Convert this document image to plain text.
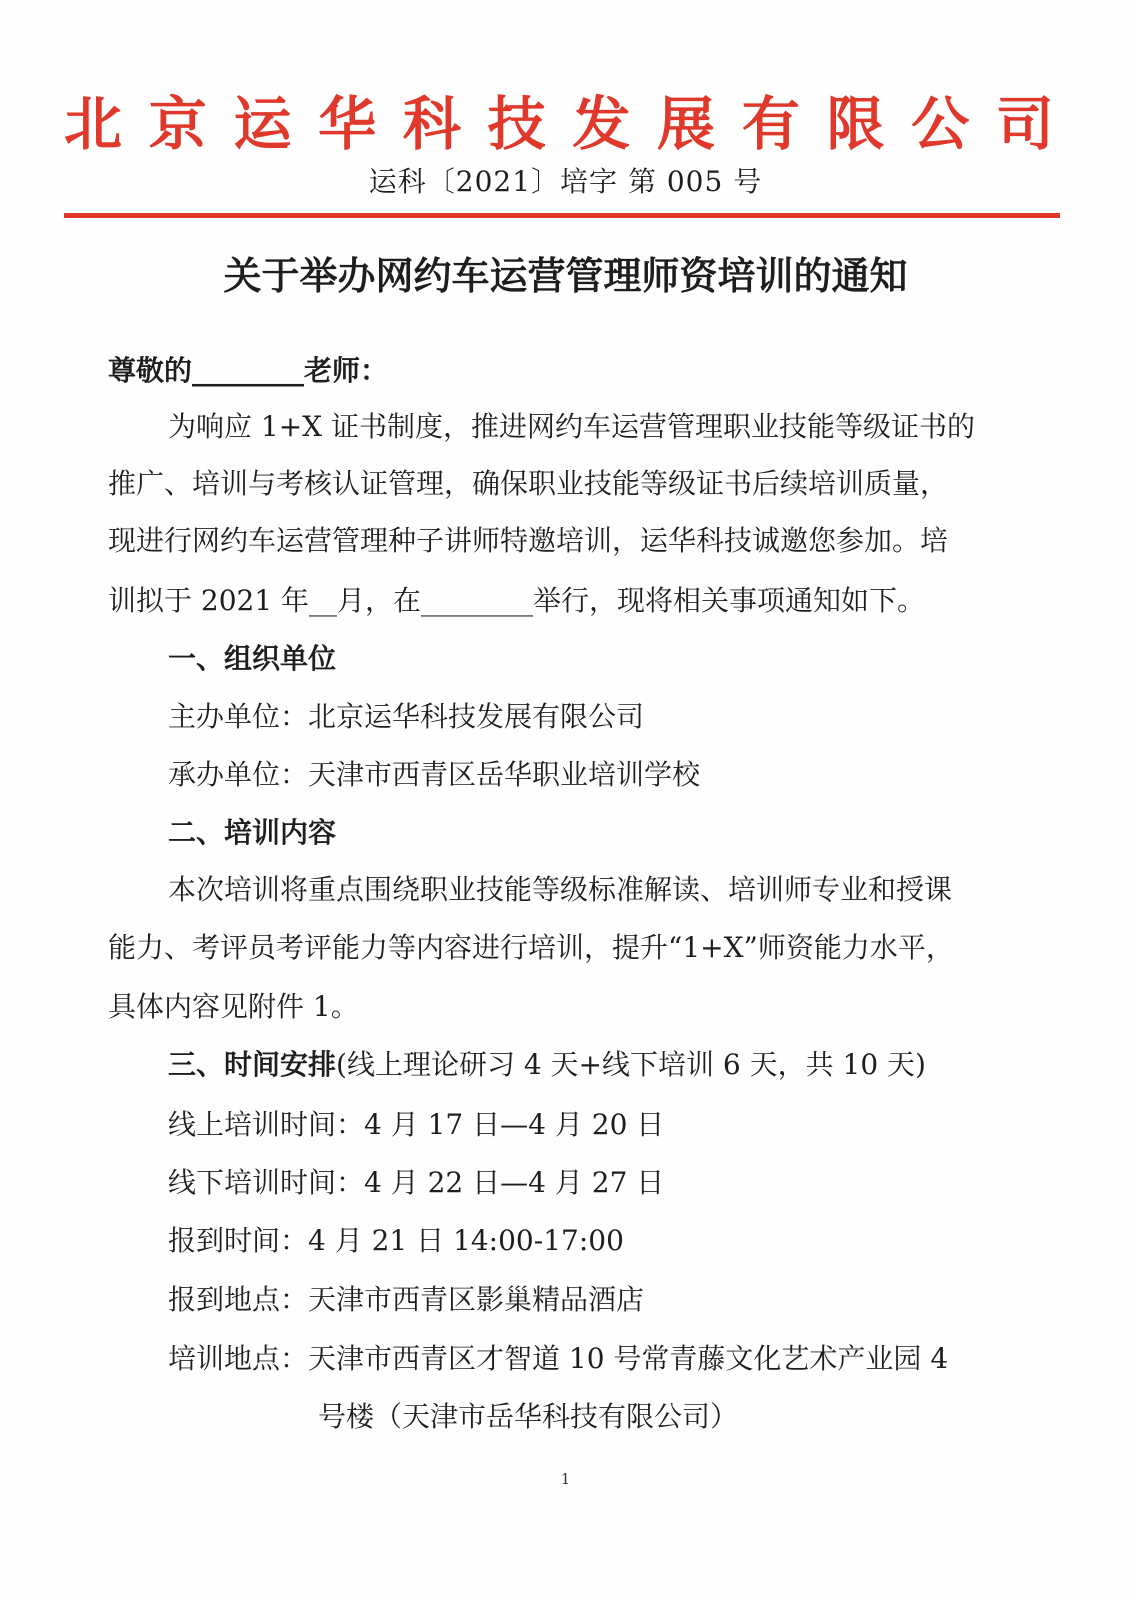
北 京 运 华 科 技 发 展 有 限 公 司
运科〔2021〕培字 第 005 号
关于举办网约车运营管理师资培训的通知
尊敬的________老师：
为响应 1+X 证书制度，推进网约车运营管理职业技能等级证书的
推广、培训与考核认证管理，确保职业技能等级证书后续培训质量，
现进行网约车运营管理种子讲师特邀培训，运华科技诚邀您参加。培
训拟于 2021 年__月，在________举行，现将相关事项通知如下。
一、组织单位
主办单位：北京运华科技发展有限公司
承办单位：天津市西青区岳华职业培训学校
二、培训内容
本次培训将重点围绕职业技能等级标准解读、培训师专业和授课
能力、考评员考评能力等内容进行培训，提升“1+X”师资能力水平，
具体内容见附件 1。
三、时间安排(线上理论研习 4 天+线下培训 6 天，共 10 天)
线上培训时间：4 月 17 日—4 月 20 日
线下培训时间：4 月 22 日—4 月 27 日
报到时间：4 月 21 日 14:00-17:00
报到地点：天津市西青区影巢精品酒店
培训地点：天津市西青区才智道 10 号常青藤文化艺术产业园 4
号楼（天津市岳华科技有限公司）
1
